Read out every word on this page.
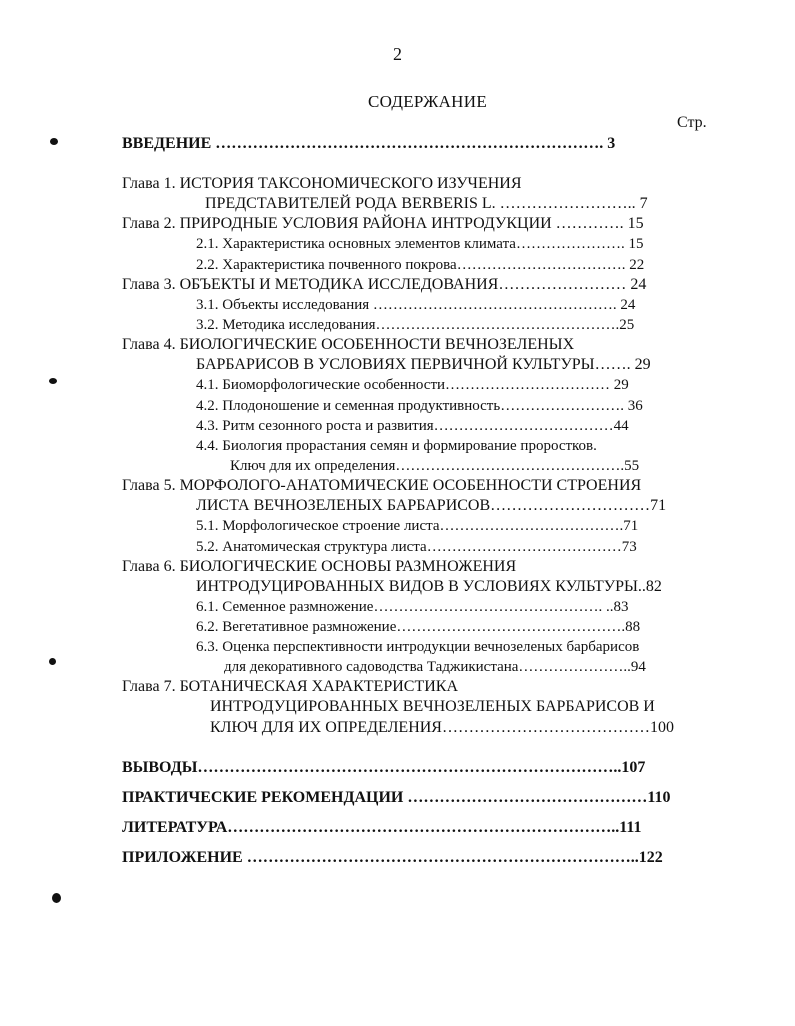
2
СОДЕРЖАНИЕ
Стр.
ВВЕДЕНИЕ ………………………………………………………………. 3
Глава 1. ИСТОРИЯ ТАКСОНОМИЧЕСКОГО ИЗУЧЕНИЯ
ПРЕДСТАВИТЕЛЕЙ РОДА BERBERIS L. …………………….. 7
Глава 2. ПРИРОДНЫЕ УСЛОВИЯ РАЙОНА ИНТРОДУКЦИИ …………. 15
2.1. Характеристика основных элементов климата…………………. 15
2.2. Характеристика почвенного покрова……………………………. 22
Глава 3. ОБЪЕКТЫ И МЕТОДИКА ИССЛЕДОВАНИЯ…………………… 24
3.1. Объекты исследования …………………………………………. 24
3.2. Методика исследования………………………………………….25
Глава 4. БИОЛОГИЧЕСКИЕ ОСОБЕННОСТИ ВЕЧНОЗЕЛЕНЫХ
БАРБАРИСОВ В УСЛОВИЯХ ПЕРВИЧНОЙ КУЛЬТУРЫ……. 29
4.1. Биоморфологические особенности…………………………… 29
4.2. Плодоношение и семенная продуктивность……………………. 36
4.3. Ритм сезонного роста и развития………………………………44
4.4. Биология прорастания семян и формирование проростков.
Ключ для их определения……………………………………….55
Глава 5. МОРФОЛОГО-АНАТОМИЧЕСКИЕ ОСОБЕННОСТИ СТРОЕНИЯ
ЛИСТА ВЕЧНОЗЕЛЕНЫХ БАРБАРИСОВ…………………………71
5.1. Морфологическое строение листа……………………………….71
5.2. Анатомическая структура листа…………………………………73
Глава 6. БИОЛОГИЧЕСКИЕ ОСНОВЫ РАЗМНОЖЕНИЯ
ИНТРОДУЦИРОВАННЫХ ВИДОВ В УСЛОВИЯХ КУЛЬТУРЫ..82
6.1. Семенное размножение………………………………………. ..83
6.2. Вегетативное размножение……………………………………….88
6.3. Оценка перспективности интродукции вечнозеленых барбарисов
для декоративного садоводства Таджикистана…………………..94
Глава 7. БОТАНИЧЕСКАЯ ХАРАКТЕРИСТИКА
ИНТРОДУЦИРОВАННЫХ ВЕЧНОЗЕЛЕНЫХ БАРБАРИСОВ И
КЛЮЧ ДЛЯ ИХ ОПРЕДЕЛЕНИЯ…………………………………100
ВЫВОДЫ……………………………………………………………………..107
ПРАКТИЧЕСКИЕ РЕКОМЕНДАЦИИ ………………………………………110
ЛИТЕРАТУРА………………………………………………………………..111
ПРИЛОЖЕНИЕ ………………………………………………………………..122
